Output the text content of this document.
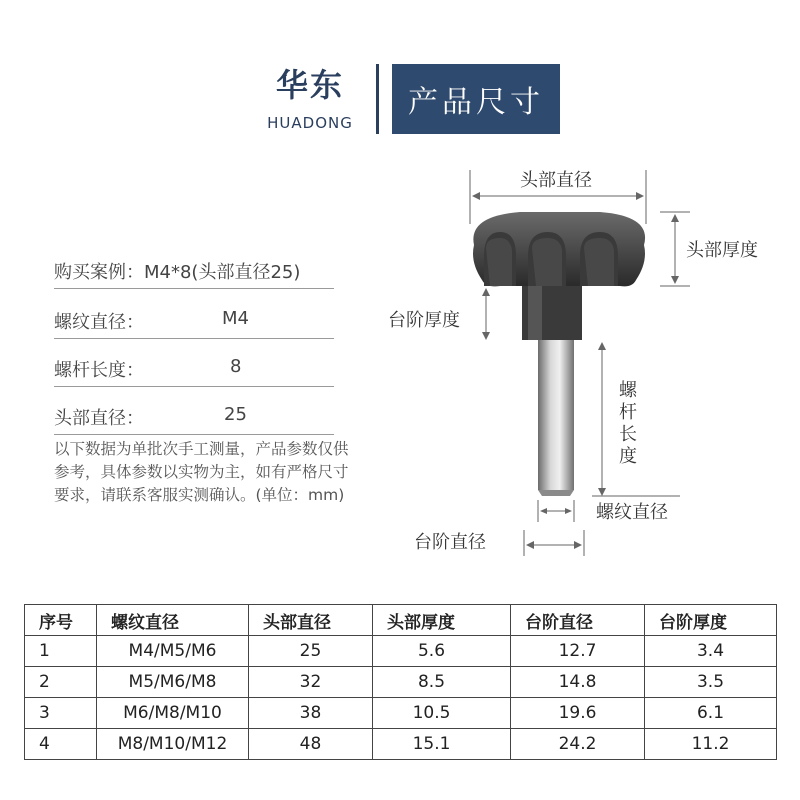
华东
HUADONG
产品尺寸
购买案例：M4*8(头部直径25)
螺纹直径：	M4
螺杆长度：	8
头部直径：	25
以下数据为单批次手工测量，产品参数仅供
参考，具体参数以实物为主，如有严格尺寸
要求，请联系客服实测确认。(单位：mm)
头部直径
头部厚度
台阶厚度
螺
杆
长
度
螺纹直径
台阶直径
序号	螺纹直径	头部直径	头部厚度	台阶直径	台阶厚度
1	M4/M5/M6	25	5.6	12.7	3.4
2	M5/M6/M8	32	8.5	14.8	3.5
3	M6/M8/M10	38	10.5	19.6	6.1
4	M8/M10/M12	48	15.1	24.2	11.2
